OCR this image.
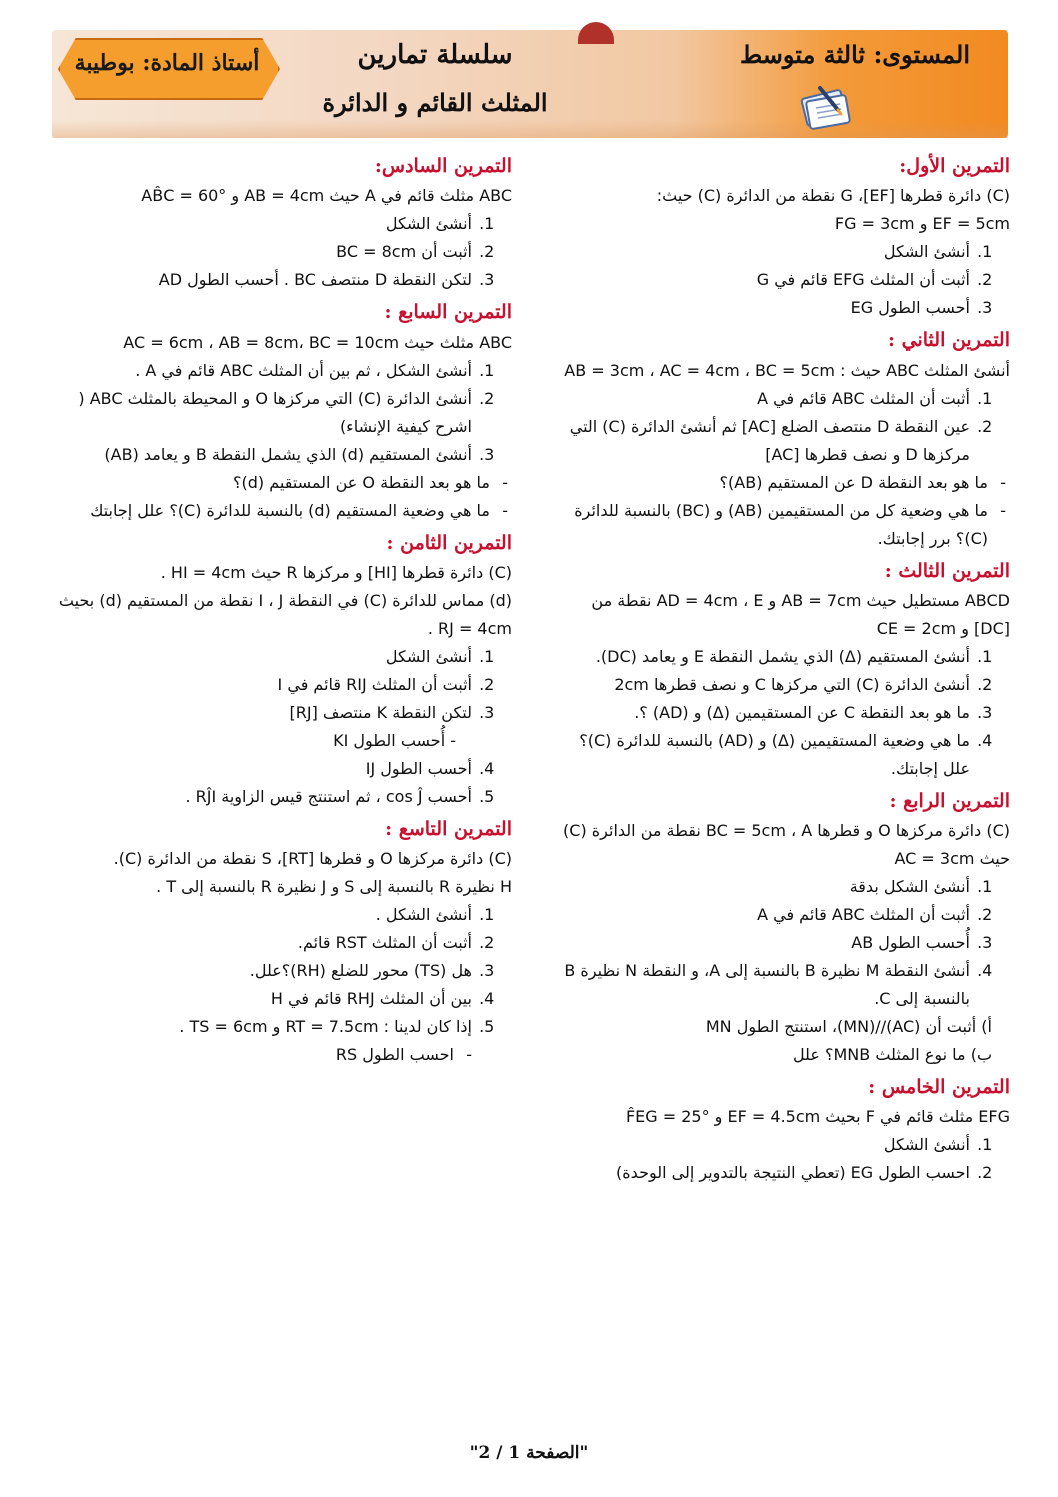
أستاذ المادة: بوطيبة	المستوى: ثالثة متوسط
سلسلة تمارين
المثلث القائم و الدائرة
التمرين الأول:

(C) دائرة قطرها [EF]، G نقطة من الدائرة (C) حيث:

EF = 5cm و FG = 3cm

1. أنشئ الشكل
2. أثبت أن المثلث EFG قائم في G
3. أحسب الطول EG
التمرين الثاني :

أنشئ المثلث ABC حيث : AB = 3cm ، AC = 4cm ، BC = 5cm

1. أثبت أن المثلث ABC قائم في A
2. عين النقطة D منتصف الضلع [AC] ثم أنشئ الدائرة (C) التي مركزها D و نصف قطرها [AC]
- ما هو بعد النقطة D عن المستقيم (AB)؟
- ما هي وضعية كل من المستقيمين (AB) و (BC) بالنسبة للدائرة (C)؟ برر إجابتك.
التمرين الثالث :

ABCD مستطيل حيث AB = 7cm و AD = 4cm ، E نقطة من [DC] و CE = 2cm

1. أنشئ المستقيم (Δ) الذي يشمل النقطة E و يعامد (DC).
2. أنشئ الدائرة (C) التي مركزها C و نصف قطرها 2cm
3. ما هو بعد النقطة C عن المستقيمين (Δ) و (AD) ؟.
4. ما هي وضعية المستقيمين (Δ) و (AD) بالنسبة للدائرة (C)؟ علل إجابتك.
التمرين الرابع :

(C) دائرة مركزها O و قطرها BC = 5cm ، A نقطة من الدائرة (C) حيث AC = 3cm

1. أنشئ الشكل بدقة
2. أثبت أن المثلث ABC قائم في A
3. أُحسب الطول AB
4. أنشئ النقطة M نظيرة B بالنسبة إلى A، و النقطة N نظيرة B بالنسبة إلى C.

أ) أثبت أن (AC)//(MN)، استنتج الطول MN

ب) ما نوع المثلث MNB؟ علل

التمرين الخامس :

EFG مثلث قائم في F بحيث EF = 4.5cm و F̂EG = 25°

1. أنشئ الشكل
2. احسب الطول EG (تعطي النتيجة بالتدوير إلى الوحدة)
التمرين السادس:

ABC مثلث قائم في A حيث AB = 4cm و AB̂C = 60°

1. أنشئ الشكل
2. أثبت أن BC = 8cm
3. لتكن النقطة D منتصف BC . أحسب الطول AD
التمرين السابع :

ABC مثلث حيث AC = 6cm ، AB = 8cm، BC = 10cm

1. أنشئ الشكل ، ثم بين أن المثلث ABC قائم في A .
2. أنشئ الدائرة (C) التي مركزها O و المحيطة بالمثلث ABC ( اشرح كيفية الإنشاء)
3. أنشئ المستقيم (d) الذي يشمل النقطة B و يعامد (AB)
- ما هو بعد النقطة O عن المستقيم (d)؟
- ما هي وضعية المستقيم (d) بالنسبة للدائرة (C)؟ علل إجابتك
التمرين الثامن :

(C) دائرة قطرها [HI] و مركزها R حيث HI = 4cm .

(d) مماس للدائرة (C) في النقطة I ، J نقطة من المستقيم (d) بحيث RJ = 4cm .

1. أنشئ الشكل
2. أثبت أن المثلث RIJ قائم في I
3. لتكن النقطة K منتصف [RJ]

- أُحسب الطول KI

4. أحسب الطول IJ
5. أحسب cos Ĵ ، ثم استنتج قيس الزاوية RĴI .
التمرين التاسع :

(C) دائرة مركزها O و قطرها [RT]، S نقطة من الدائرة (C).

H نظيرة R بالنسبة إلى S و J نظيرة R بالنسبة إلى T .

1. أنشئ الشكل .
2. أثبت أن المثلث RST قائم.
3. هل (TS) محور للضلع (RH)؟علل.
4. بين أن المثلث RHJ قائم في H
5. إذا كان لدينا : RT = 7.5cm و TS = 6cm .
- احسب الطول RS
"الصفحة 1 / 2"
